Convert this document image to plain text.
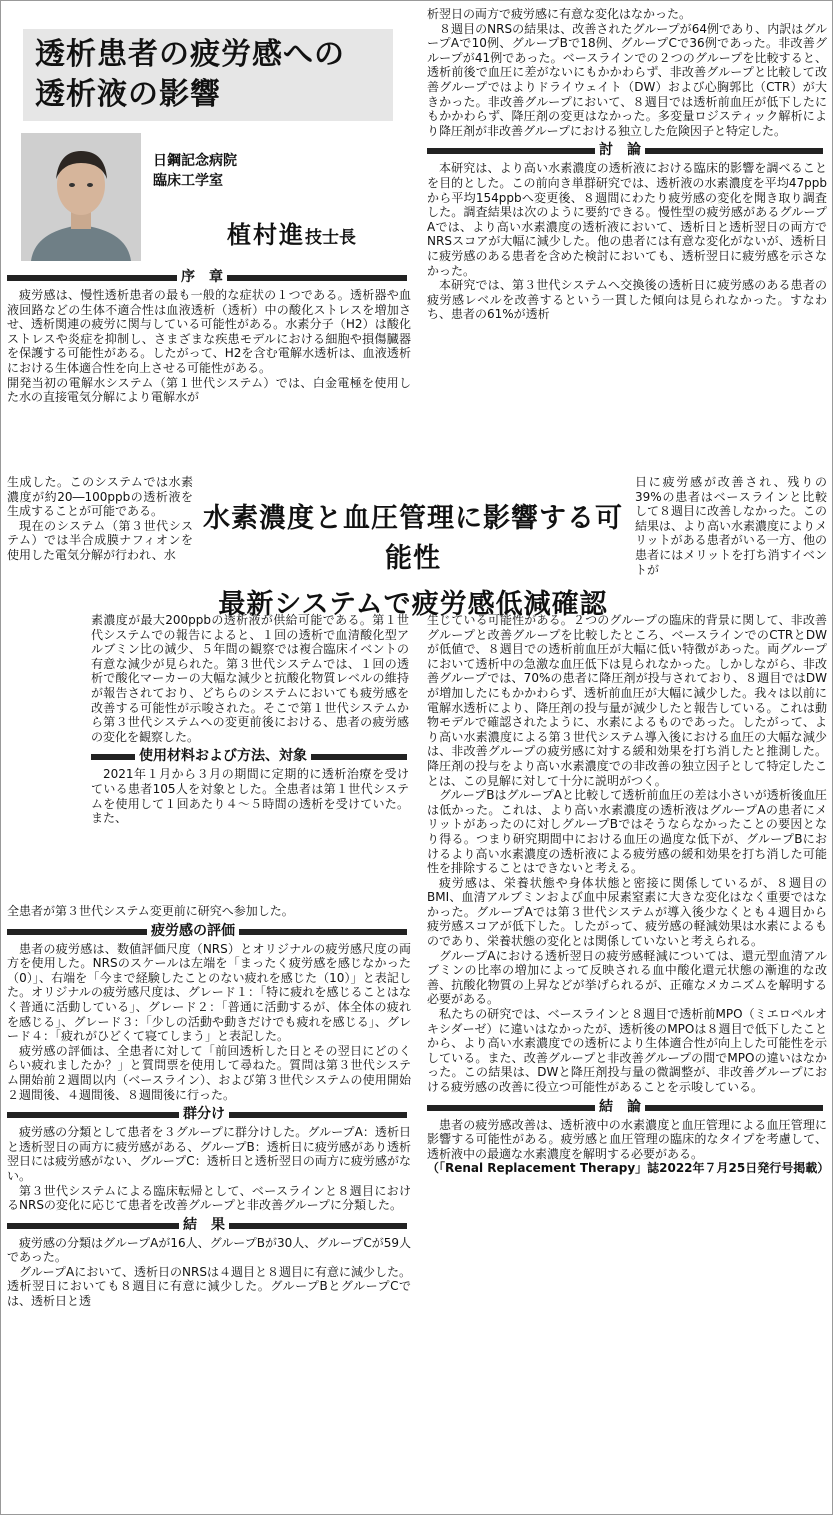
透析患者の疲労感への
透析液の影響
日鋼記念病院
臨床工学室
植村進技士長
序　章

疲労感は、慢性透析患者の最も一般的な症状の１つである。透析器や血液回路などの生体不適合性は血液透析（透析）中の酸化ストレスを増加させ、透析関連の疲労に関与している可能性がある。水素分子（H2）は酸化ストレスや炎症を抑制し、さまざまな疾患モデルにおける細胞や損傷臓器を保護する可能性がある。したがって、H2を含む電解水透析は、血液透析における生体適合性を向上させる可能性がある。

開発当初の電解水システム（第１世代システム）では、白金電極を使用した水の直接電気分解により電解水が

生成した。このシステムでは水素濃度が約20―100ppbの透析液を生成することが可能である。

現在のシステム（第３世代システム）では半合成膜ナフィオンを使用した電気分解が行われ、水

水素濃度と血圧管理に影響する可能性
最新システムで疲労感低減確認

素濃度が最大200ppbの透析液が供給可能である。第１世代システムでの報告によると、１回の透析で血清酸化型アルブミン比の減少、５年間の観察では複合臨床イベントの有意な減少が見られた。第３世代システムでは、１回の透析で酸化マーカーの大幅な減少と抗酸化物質レベルの維持が報告されており、どちらのシステムにおいても疲労感を改善する可能性が示唆された。そこで第１世代システムから第３世代システムへの変更前後における、患者の疲労感の変化を観察した。

使用材料および方法、対象

2021年１月から３月の期間に定期的に透析治療を受けている患者105人を対象とした。全患者は第１世代システムを使用して１回あたり４～５時間の透析を受けていた。また、

全患者が第３世代システム変更前に研究へ参加した。

疲労感の評価

患者の疲労感は、数値評価尺度（NRS）とオリジナルの疲労感尺度の両方を使用した。NRSのスケールは左端を「まったく疲労感を感じなかった（0）」、右端を「今まで経験したことのない疲れを感じた（10）」と表記した。オリジナルの疲労感尺度は、グレード１：「特に疲れを感じることはなく普通に活動している」、グレード２：「普通に活動するが、体全体の疲れを感じる」、グレード３：「少しの活動や動きだけでも疲れを感じる」、グレード４：「疲れがひどくて寝てしまう」と表記した。

疲労感の評価は、全患者に対して「前回透析した日とその翌日にどのくらい疲れましたか？」と質問票を使用して尋ねた。質問は第３世代システム開始前２週間以内（ベースライン）、および第３世代システムの使用開始２週間後、４週間後、８週間後に行った。

群分け

疲労感の分類として患者を３グループに群分けした。グループA：透析日と透析翌日の両方に疲労感がある、グループB：透析日に疲労感があり透析翌日には疲労感がない、グループC：透析日と透析翌日の両方に疲労感がない。

第３世代システムによる臨床転帰として、ベースラインと８週目におけるNRSの変化に応じて患者を改善グループと非改善グループに分類した。

結　果

疲労感の分類はグループAが16人、グループBが30人、グループCが59人であった。

グループAにおいて、透析日のNRSは４週目と８週目に有意に減少した。透析翌日においても８週目に有意に減少した。グループBとグループCでは、透析日と透

析翌日の両方で疲労感に有意な変化はなかった。

８週目のNRSの結果は、改善されたグループが64例であり、内訳はグループAで10例、グループBで18例、グループCで36例であった。非改善グループが41例であった。ベースラインでの２つのグループを比較すると、透析前後で血圧に差がないにもかかわらず、非改善グループと比較して改善グループではよりドライウェイト（DW）および心胸郭比（CTR）が大きかった。非改善グループにおいて、８週目では透析前血圧が低下したにもかかわらず、降圧剤の変更はなかった。多変量ロジスティック解析により降圧剤が非改善グループにおける独立した危険因子と特定した。

討　論

本研究は、より高い水素濃度の透析液における臨床的影響を調べることを目的とした。この前向き単群研究では、透析液の水素濃度を平均47ppbから平均154ppbへ変更後、８週間にわたり疲労感の変化を聞き取り調査した。調査結果は次のように要約できる。慢性型の疲労感があるグループAでは、より高い水素濃度の透析液において、透析日と透析翌日の両方でNRSスコアが大幅に減少した。他の患者には有意な変化がないが、透析日に疲労感のある患者を含めた検討においても、透析翌日に疲労感を示さなかった。

本研究では、第３世代システムへ交換後の透析日に疲労感のある患者の疲労感レベルを改善するという一貫した傾向は見られなかった。すなわち、患者の61%が透析

日に疲労感が改善され、残りの39%の患者はベースラインと比較して８週目に改善しなかった。この結果は、より高い水素濃度によりメリットがある患者がいる一方、他の患者にはメリットを打ち消すイベントが

生じている可能性がある。２つのグループの臨床的背景に関して、非改善グループと改善グループを比較したところ、ベースラインでのCTRとDWが低値で、８週目での透析前血圧が大幅に低い特徴があった。両グループにおいて透析中の急激な血圧低下は見られなかった。しかしながら、非改善グループでは、70%の患者に降圧剤が投与されており、８週目ではDWが増加したにもかかわらず、透析前血圧が大幅に減少した。我々は以前に電解水透析により、降圧剤の投与量が減少したと報告している。これは動物モデルで確認されたように、水素によるものであった。したがって、より高い水素濃度による第３世代システム導入後における血圧の大幅な減少は、非改善グループの疲労感に対する緩和効果を打ち消したと推測した。降圧剤の投与をより高い水素濃度での非改善の独立因子として特定したことは、この見解に対して十分に説明がつく。

グループBはグループAと比較して透析前血圧の差は小さいが透析後血圧は低かった。これは、より高い水素濃度の透析液はグループAの患者にメリットがあったのに対しグループBではそうならなかったことの要因となり得る。つまり研究期間中における血圧の過度な低下が、グループBにおけるより高い水素濃度の透析液による疲労感の緩和効果を打ち消した可能性を排除することはできないと考える。

疲労感は、栄養状態や身体状態と密接に関係しているが、８週目のBMI、血清アルブミンおよび血中尿素窒素に大きな変化はなく重要ではなかった。グループAでは第３世代システムが導入後少なくとも４週目から疲労感スコアが低下した。したがって、疲労感の軽減効果は水素によるものであり、栄養状態の変化とは関係していないと考えられる。

グループAにおける透析翌日の疲労感軽減については、還元型血清アルブミンの比率の増加によって反映される血中酸化還元状態の漸進的な改善、抗酸化物質の上昇などが挙げられるが、正確なメカニズムを解明する必要がある。

私たちの研究では、ベースラインと８週目で透析前MPO（ミエロペルオキシダーゼ）に違いはなかったが、透析後のMPOは８週目で低下したことから、より高い水素濃度での透析により生体適合性が向上した可能性を示している。また、改善グループと非改善グループの間でMPOの違いはなかった。この結果は、DWと降圧剤投与量の微調整が、非改善グループにおける疲労感の改善に役立つ可能性があることを示唆している。

結　論

患者の疲労感改善は、透析液中の水素濃度と血圧管理による血圧管理に影響する可能性がある。疲労感と血圧管理の臨床的なタイプを考慮して、透析液中の最適な水素濃度を解明する必要がある。

（「Renal Replacement Therapy」誌2022年７月25日発行号掲載）
